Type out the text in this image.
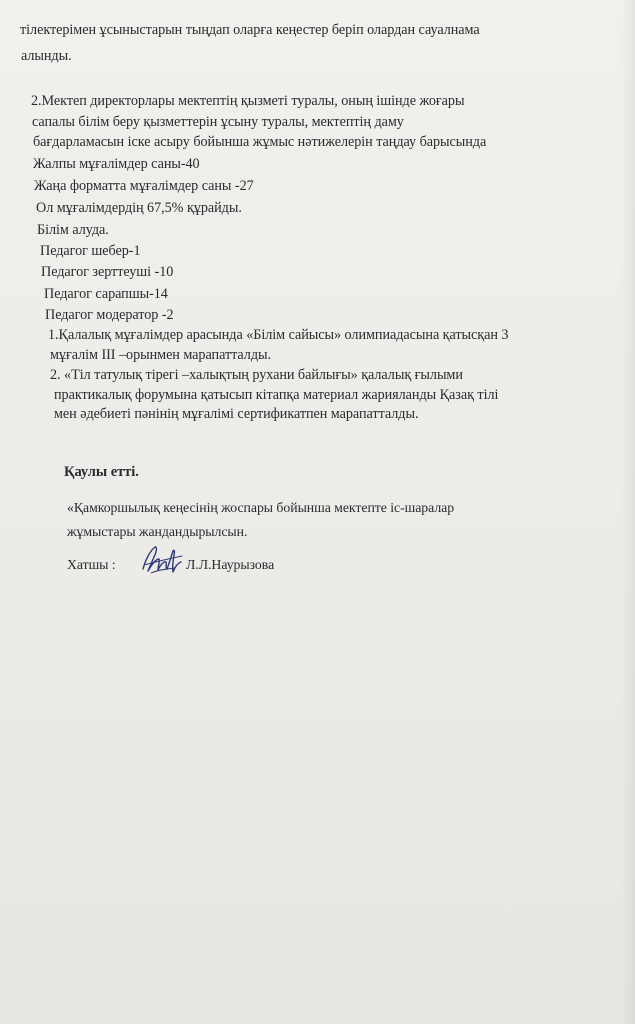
тілектерімен ұсыныстарын тыңдап оларға кеңестер беріп олардан сауалнама
алынды.
2.Мектеп директорлары мектептің қызметі туралы, оның ішінде жоғары
сапалы білім беру қызметтерін ұсыну туралы, мектептің даму
бағдарламасын іске асыру бойынша жұмыс нәтижелерін таңдау барысында
Жалпы мұғалімдер саны-40
Жаңа форматта мұғалімдер саны -27
Ол мұғалімдердің 67,5% құрайды.
Білім алуда.
Педагог шебер-1
Педагог зерттеуші -10
Педагог сарапшы-14
Педагог модератор -2
1.Қалалық мұғалімдер арасында «Білім сайысы» олимпиадасына қатысқан 3
мұғалім ІІІ –орынмен марапатталды.
2. «Тіл татулық тірегі –халықтың рухани байлығы» қалалық ғылыми
практикалық форумына қатысып кітапқа материал жарияланды Қазақ тілі
мен әдебиеті пәнінің мұғалімі сертификатпен марапатталды.
Қаулы етті.
«Қамкоршылық кеңесінің жоспары бойынша мектепте іс-шаралар
жұмыстары жандандырылсын.
Хатшы :	Л.Л.Наурызова
